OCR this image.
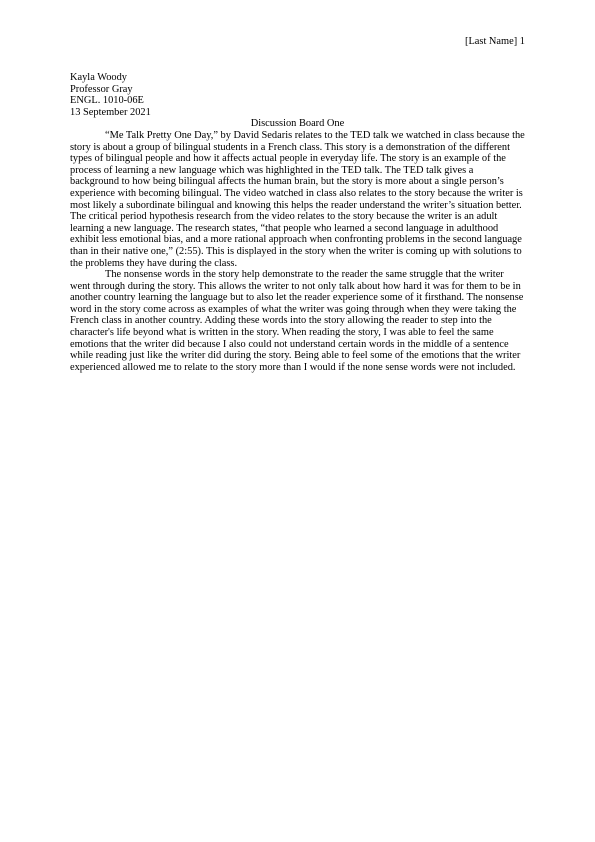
[Last Name] 1
Kayla Woody
Professor Gray
ENGL. 1010-06E
13 September 2021
Discussion Board One

“Me Talk Pretty One Day,” by David Sedaris relates to the TED talk we watched in class because the story is about a group of bilingual students in a French class. This story is a demonstration of the different types of bilingual people and how it affects actual people in everyday life. The story is an example of the process of learning a new language which was highlighted in the TED talk. The TED talk gives a background to how being bilingual affects the human brain, but the story is more about a single person’s experience with becoming bilingual. The video watched in class also relates to the story because the writer is most likely a subordinate bilingual and knowing this helps the reader understand the writer’s situation better. The critical period hypothesis research from the video relates to the story because the writer is an adult learning a new language. The research states, “that people who learned a second language in adulthood exhibit less emotional bias, and a more rational approach when confronting problems in the second language than in their native one,” (2:55). This is displayed in the story when the writer is coming up with solutions to the problems they have during the class.

The nonsense words in the story help demonstrate to the reader the same struggle that the writer went through during the story. This allows the writer to not only talk about how hard it was for them to be in another country learning the language but to also let the reader experience some of it firsthand. The nonsense word in the story come across as examples of what the writer was going through when they were taking the French class in another country. Adding these words into the story allowing the reader to step into the character's life beyond what is written in the story. When reading the story, I was able to feel the same emotions that the writer did because I also could not understand certain words in the middle of a sentence while reading just like the writer did during the story. Being able to feel some of the emotions that the writer experienced allowed me to relate to the story more than I would if the none sense words were not included.
